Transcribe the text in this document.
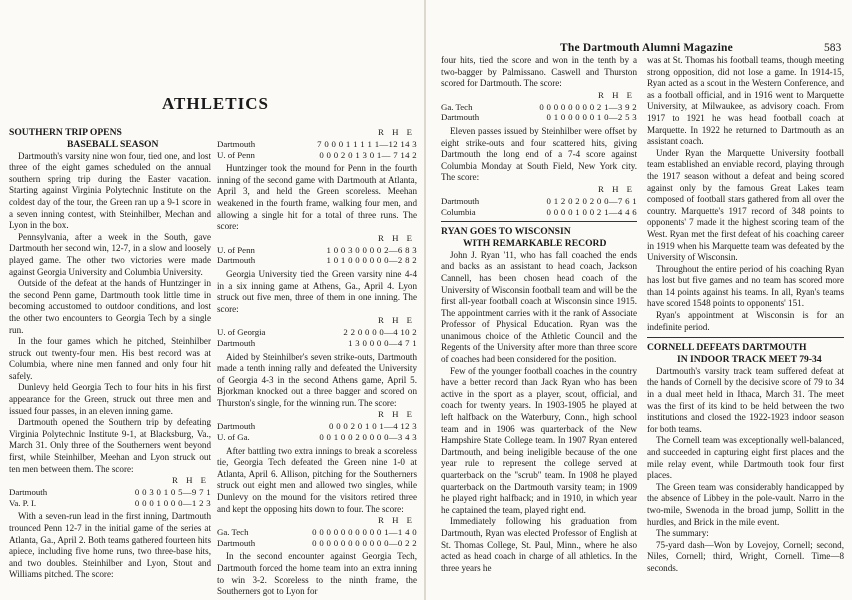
ATHLETICS

SOUTHERN TRIP OPENS

BASEBALL SEASON

Dartmouth's varsity nine won four, tied one, and lost three of the eight games scheduled on the annual southern spring trip during the Easter vacation. Starting against Virginia Polytechnic Institute on the coldest day of the tour, the Green ran up a 9-1 score in a seven inning contest, with Steinhilber, Mechan and Lyon in the box.

Pennsylvania, after a week in the South, gave Dartmouth her second win, 12-7, in a slow and loosely played game. The other two victories were made against Georgia University and Columbia University.

Outside of the defeat at the hands of Huntzinger in the second Penn game, Dartmouth took little time in becoming accustomed to outdoor conditions, and lost the other two encounters to Georgia Tech by a single run.

In the four games which he pitched, Steinhilber struck out twenty-four men. His best record was at Columbia, where nine men fanned and only four hit safely.

Dunlevy held Georgia Tech to four hits in his first appearance for the Green, struck out three men and issued four passes, in an eleven inning game.

Dartmouth opened the Southern trip by defeating Virginia Polytechnic Institute 9-1, at Blacksburg, Va., March 31. Only three of the Southerners went beyond first, while Steinhilber, Meehan and Lyon struck out ten men between them. The score:

R H E
Dartmouth	0 0 3 0 1 0 5—9 7 1
Va. P. I.	0 0 0 1 0 0 0—1 2 3

With a seven-run lead in the first inning, Dartmouth trounced Penn 12-7 in the initial game of the series at Atlanta, Ga., April 2. Both teams gathered fourteen hits apiece, including five home runs, two three-base hits, and two doubles. Steinhilber and Lyon, Stout and Williams pitched. The score:

R H E
Dartmouth	7 0 0 0 1 1 1 1 1—12 14 3
U. of Penn	0 0 0 2 0 1 3 0 1— 7 14 2

Huntzinger took the mound for Penn in the fourth inning of the second game with Dartmouth at Atlanta, April 3, and held the Green scoreless. Meehan weakened in the fourth frame, walking four men, and allowing a single hit for a total of three runs. The score:

R H E
U. of Penn	1 0 0 3 0 0 0 0 2—6 8 3
Dartmouth	1 0 1 0 0 0 0 0 0—2 8 2

Georgia University tied the Green varsity nine 4-4 in a six inning game at Athens, Ga., April 4. Lyon struck out five men, three of them in one inning. The score:

R H E
U. of Georgia	2 2 0 0 0 0—4 10 2
Dartmouth	1 3 0 0 0 0—4 7 1

Aided by Steinhilber's seven strike-outs, Dartmouth made a tenth inning rally and defeated the University of Georgia 4-3 in the second Athens game, April 5. Bjorkman knocked out a three bagger and scored on Thurston's single, for the winning run. The score:

R H E
Dartmouth	0 0 0 2 0 1 0 1—4 12 3
U. of Ga.	0 0 1 0 0 2 0 0 0 0—3 4 3

After battling two extra innings to break a scoreless tie, Georgia Tech defeated the Green nine 1-0 at Atlanta, April 6. Allison, pitching for the Southerners struck out eight men and allowed two singles, while Dunlevy on the mound for the visitors retired three and kept the opposing hits down to four. The score:

R H E
Ga. Tech	0 0 0 0 0 0 0 0 0 0 1—1 4 0
Dartmouth	0 0 0 0 0 0 0 0 0 0 0—0 2 2

In the second encounter against Georgia Tech, Dartmouth forced the home team into an extra inning to win 3-2. Scoreless to the ninth frame, the Southerners got to Lyon for

four hits, tied the score and won in the tenth by a two-bagger by Palmissano. Caswell and Thurston scored for Dartmouth. The score:

R H E
Ga. Tech	0 0 0 0 0 0 0 0 2 1—3 9 2
Dartmouth	0 1 0 0 0 0 0 1 0—2 5 3

Eleven passes issued by Steinhilber were offset by eight strike-outs and four scattered hits, giving Dartmouth the long end of a 7-4 score against Columbia Monday at South Field, New York city. The score:

R H E
Dartmouth	0 1 2 0 2 0 2 0 0—7 6 1
Columbia	0 0 0 0 1 0 0 2 1—4 4 6

RYAN GOES TO WISCONSIN

WITH REMARKABLE RECORD

John J. Ryan '11, who has fall coached the ends and backs as an assistant to head coach, Jackson Cannell, has been chosen head coach of the University of Wisconsin football team and will be the first all-year football coach at Wisconsin since 1915. The appointment carries with it the rank of Associate Professor of Physical Education. Ryan was the unanimous choice of the Athletic Council and the Regents of the University after more than three score of coaches had been considered for the position.

Few of the younger football coaches in the country have a better record than Jack Ryan who has been active in the sport as a player, scout, official, and coach for twenty years. In 1903-1905 he played at left halfback on the Waterbury, Conn., high school team and in 1906 was quarterback of the New Hampshire State College team. In 1907 Ryan entered Dartmouth, and being ineligible because of the one year rule to represent the college served at quarterback on the "scrub" team. In 1908 he played quarterback on the Dartmouth varsity team; in 1909 he played right halfback; and in 1910, in which year he captained the team, played right end.

Immediately following his graduation from Dartmouth, Ryan was elected Professor of English at St. Thomas College, St. Paul, Minn., where he also acted as head coach in charge of all athletics. In the three years he

was at St. Thomas his football teams, though meeting strong opposition, did not lose a game. In 1914-15, Ryan acted as a scout in the Western Conference, and as a football official, and in 1916 went to Marquette University, at Milwaukee, as advisory coach. From 1917 to 1921 he was head football coach at Marquette. In 1922 he returned to Dartmouth as an assistant coach.

Under Ryan the Marquette University football team established an enviable record, playing through the 1917 season without a defeat and being scored against only by the famous Great Lakes team composed of football stars gathered from all over the country. Marquette's 1917 record of 348 points to opponents' 7 made it the highest scoring team of the West. Ryan met the first defeat of his coaching career in 1919 when his Marquette team was defeated by the University of Wisconsin.

Throughout the entire period of his coaching Ryan has lost but five games and no team has scored more than 14 points against his teams. In all, Ryan's teams have scored 1548 points to opponents' 151.

Ryan's appointment at Wisconsin is for an indefinite period.

CORNELL DEFEATS DARTMOUTH

IN INDOOR TRACK MEET 79-34

Dartmouth's varsity track team suffered defeat at the hands of Cornell by the decisive score of 79 to 34 in a dual meet held in Ithaca, March 31. The meet was the first of its kind to be held between the two institutions and closed the 1922-1923 indoor season for both teams.

The Cornell team was exceptionally well-balanced, and succeeded in capturing eight first places and the mile relay event, while Dartmouth took four first places.

The Green team was considerably handicapped by the absence of Libbey in the pole-vault. Narro in the two-mile, Swenoda in the broad jump, Sollitt in the hurdles, and Brick in the mile event.

The summary:

75-yard dash—Won by Lovejoy, Cornell; second, Niles, Cornell; third, Wright, Cornell. Time—8 seconds.

The Dartmouth Alumni Magazine	583
